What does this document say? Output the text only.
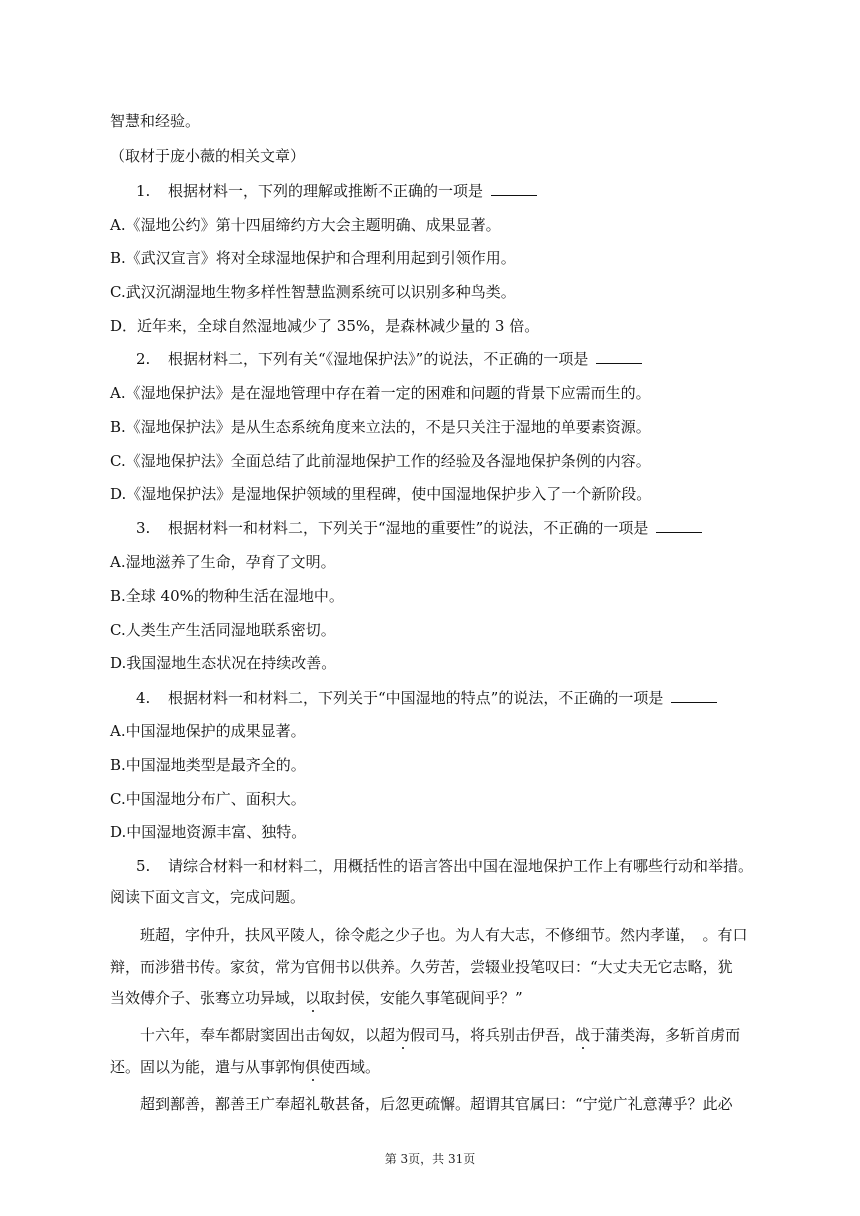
智慧和经验。
（取材于庞小薇的相关文章）
1. 根据材料一，下列的理解或推断不正确的一项是
A.《湿地公约》第十四届缔约方大会主题明确、成果显著。
B.《武汉宣言》将对全球湿地保护和合理利用起到引领作用。
C.武汉沉湖湿地生物多样性智慧监测系统可以识别多种鸟类。
D．近年来，全球自然湿地减少了 35%，是森林减少量的 3 倍。
2. 根据材料二，下列有关“《湿地保护法》”的说法，不正确的一项是
A.《湿地保护法》是在湿地管理中存在着一定的困难和问题的背景下应需而生的。
B.《湿地保护法》是从生态系统角度来立法的，不是只关注于湿地的单要素资源。
C.《湿地保护法》全面总结了此前湿地保护工作的经验及各湿地保护条例的内容。
D.《湿地保护法》是湿地保护领域的里程碑，使中国湿地保护步入了一个新阶段。
3. 根据材料一和材料二，下列关于“湿地的重要性”的说法，不正确的一项是
A.湿地滋养了生命，孕育了文明。
B.全球 40%的物种生活在湿地中。
C.人类生产生活同湿地联系密切。
D.我国湿地生态状况在持续改善。
4. 根据材料一和材料二，下列关于“中国湿地的特点”的说法，不正确的一项是
A.中国湿地保护的成果显著。
B.中国湿地类型是最齐全的。
C.中国湿地分布广、面积大。
D.中国湿地资源丰富、独特。
5. 请综合材料一和材料二，用概括性的语言答出中国在湿地保护工作上有哪些行动和举措。
阅读下面文言文，完成问题。
班超，字仲升，扶风平陵人，徐令彪之少子也。为人有大志，不修细节。然内孝谨，　。有口
辩，而涉猎书传。家贫，常为官佣书以供养。久劳苦，尝辍业投笔叹曰：“大丈夫无它志略，犹
当效傅介子、张骞立功异域，以取封侯，安能久事笔砚间乎？”
十六年，奉车都尉窦固出击匈奴，以超为假司马，将兵别击伊吾，战于蒲类海，多斩首虏而
还。固以为能，遣与从事郭恂俱使西域。
超到鄯善，鄯善王广奉超礼敬甚备，后忽更疏懈。超谓其官属曰：“宁觉广礼意薄乎？此必
第 3页，共 31页
